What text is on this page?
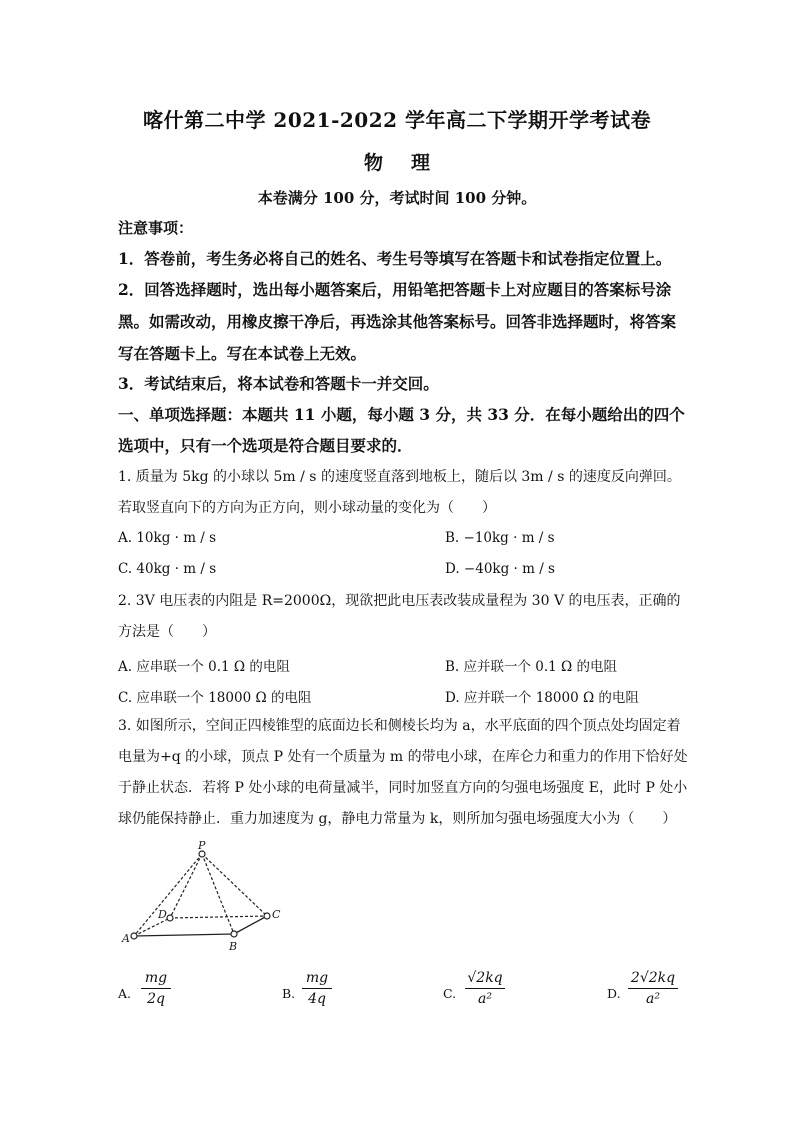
喀什第二中学 2021-2022 学年高二下学期开学考试卷
物 理
本卷满分 100 分，考试时间 100 分钟。
注意事项：
1．答卷前，考生务必将自己的姓名、考生号等填写在答题卡和试卷指定位置上。
2．回答选择题时，选出每小题答案后，用铅笔把答题卡上对应题目的答案标号涂黑。如需改动，用橡皮擦干净后，再选涂其他答案标号。回答非选择题时，将答案写在答题卡上。写在本试卷上无效。
3．考试结束后，将本试卷和答题卡一并交回。
一、单项选择题：本题共 11 小题，每小题 3 分，共 33 分．在每小题给出的四个选项中，只有一个选项是符合题目要求的．
1. 质量为 5kg 的小球以 5m / s 的速度竖直落到地板上，随后以 3m / s 的速度反向弹回。若取竖直向下的方向为正方向，则小球动量的变化为（　　）
A. 10kg · m / s	B. −10kg · m / s
C. 40kg · m / s	D. −40kg · m / s
2. 3V 电压表的内阻是 R=2000Ω，现欲把此电压表改装成量程为 30 V 的电压表，正确的方法是（　　）
A. 应串联一个 0.1 Ω 的电阻	B. 应并联一个 0.1 Ω 的电阻
C. 应串联一个 18000 Ω 的电阻	D. 应并联一个 18000 Ω 的电阻
3. 如图所示，空间正四棱锥型的底面边长和侧棱长均为 a，水平底面的四个顶点处均固定着电量为+q 的小球，顶点 P 处有一个质量为 m 的带电小球，在库仑力和重力的作用下恰好处于静止状态．若将 P 处小球的电荷量减半，同时加竖直方向的匀强电场强度 E，此时 P 处小球仍能保持静止．重力加速度为 g，静电力常量为 k，则所加匀强电场强度大小为（　　）
P
D	C
A
B
A. $\frac{mg}{2q}$	B. $\frac{mg}{4q}$	C. $\frac{√2kq}{\text{a²}}$	D. $\frac{2√2kq}{\text{a²}}$
